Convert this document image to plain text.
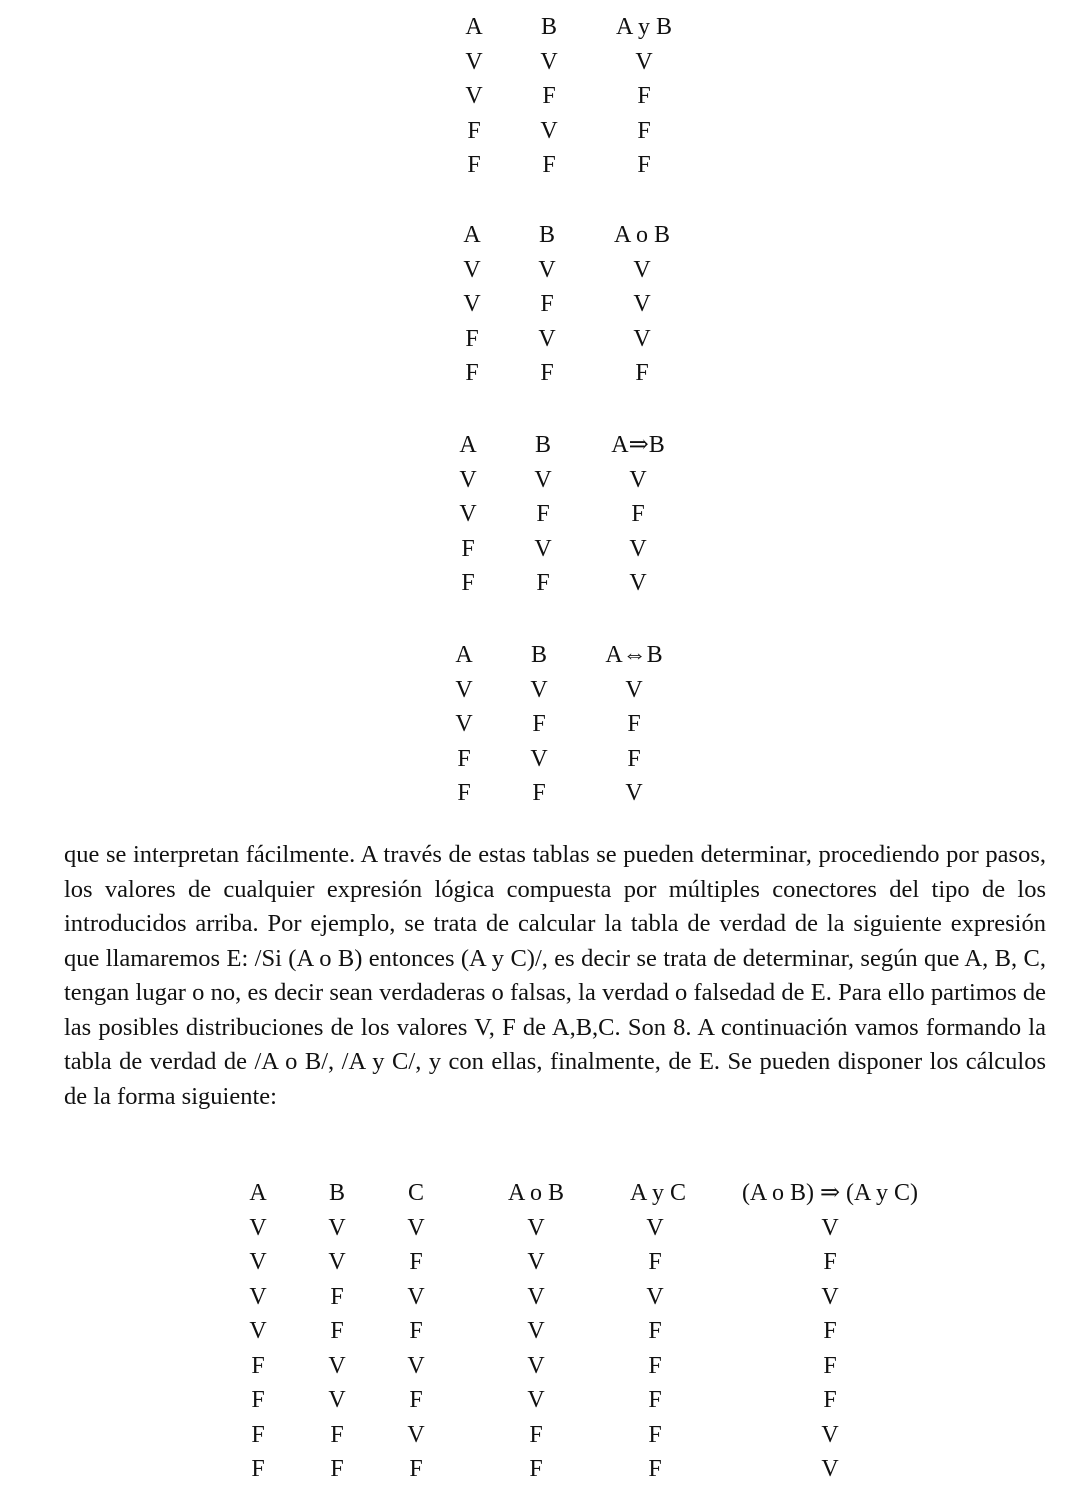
A	B	A y B
V	V	V
V	F	F
F	V	F
F	F	F
A	B	A o B
V	V	V
V	F	V
F	V	V
F	F	F
A	B	A⇒B
V	V	V
V	F	F
F	V	V
F	F	V
A	B	A⇔B
V	V	V
V	F	F
F	V	F
F	F	V

que se interpretan fácilmente. A través de estas tablas se pueden determinar, procediendo por pasos, los valores de cualquier expresión lógica compuesta por múltiples conectores del tipo de los introducidos arriba. Por ejemplo, se trata de calcular la tabla de verdad de la siguiente expresión que llamaremos E: /Si (A o B) entonces (A y C)/, es decir se trata de determinar, según que A, B, C, tengan lugar o no, es decir sean verdaderas o falsas, la verdad o falsedad de E. Para ello partimos de las posibles distribuciones de los valores V, F de A,B,C. Son 8. A continuación vamos formando la tabla de verdad de /A o B/, /A y C/, y con ellas, finalmente, de E. Se pueden disponer los cálculos de la forma siguiente:

A	B	C	A o B	A y C	(A o B) ⇒ (A y C)
V	V	V	V	V	V
V	V	F	V	F	F
V	F	V	V	V	V
V	F	F	V	F	F
F	V	V	V	F	F
F	V	F	V	F	F
F	F	V	F	F	V
F	F	F	F	F	V
